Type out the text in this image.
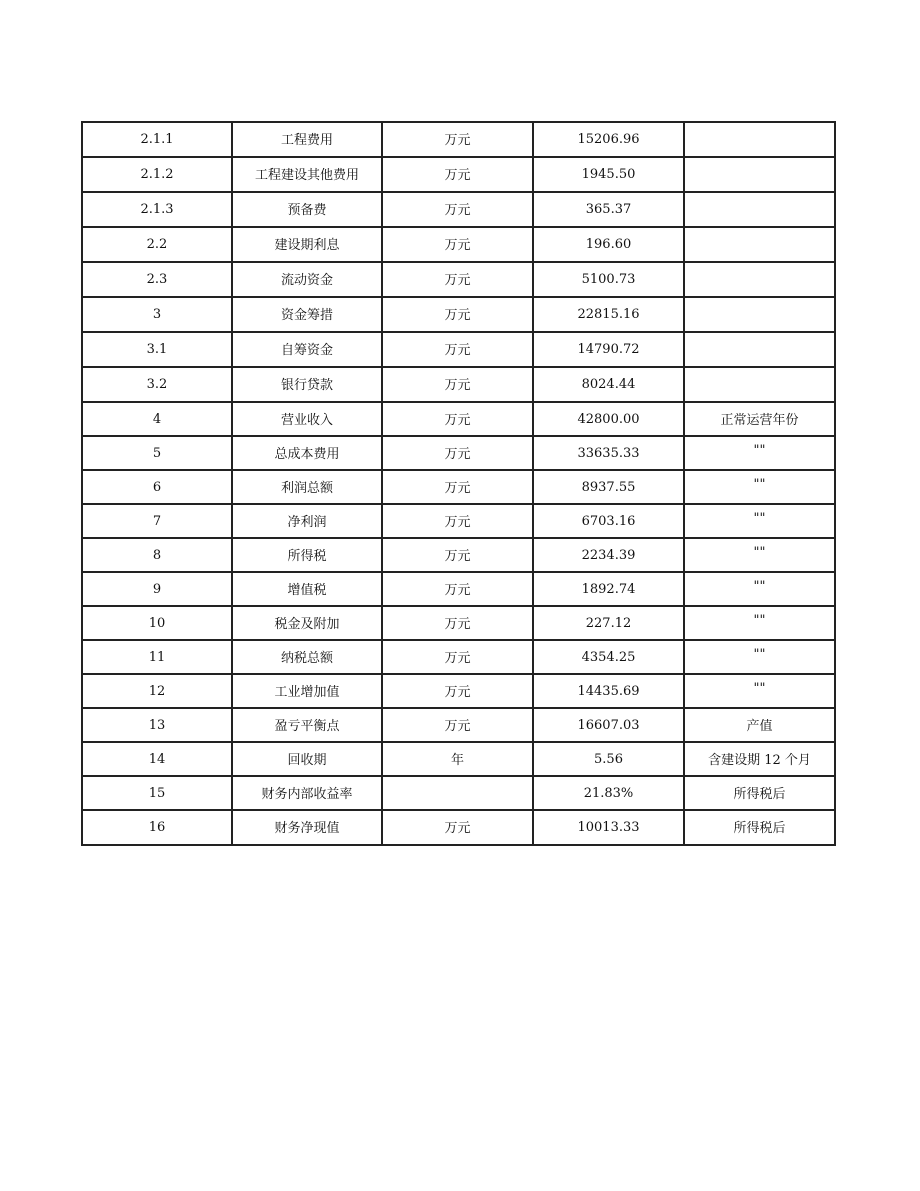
2.1.1	工程费用	万元	15206.96	

2.1.2	工程建设其他费用	万元	1945.50	

2.1.3	预备费	万元	365.37	

2.2	建设期利息	万元	196.60	

2.3	流动资金	万元	5100.73	

3	资金筹措	万元	22815.16	

3.1	自筹资金	万元	14790.72	

3.2	银行贷款	万元	8024.44	

4	营业收入	万元	42800.00	正常运营年份

5	总成本费用	万元	33635.33	""

6	利润总额	万元	8937.55	""

7	净利润	万元	6703.16	""

8	所得税	万元	2234.39	""

9	增值税	万元	1892.74	""

10	税金及附加	万元	227.12	""

11	纳税总额	万元	4354.25	""

12	工业增加值	万元	14435.69	""

13	盈亏平衡点	万元	16607.03	产值

14	回收期	年	5.56	含建设期 12 个月

15	财务内部收益率		21.83%	所得税后

16	财务净现值	万元	10013.33	所得税后
